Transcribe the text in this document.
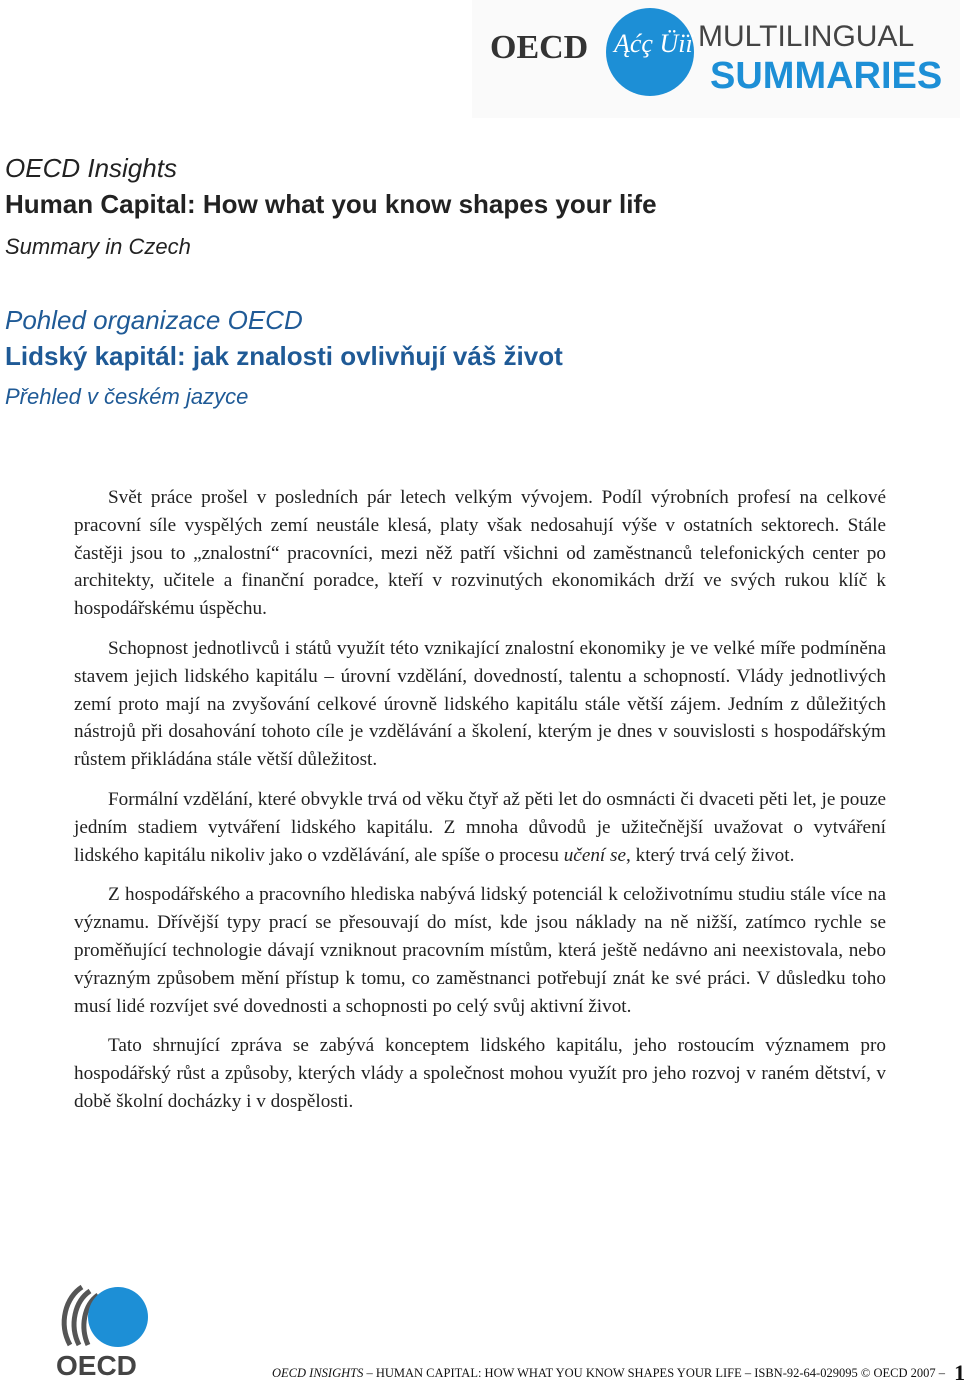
OECD Ąćç Üiï MULTILINGUAL
SUMMARIES
OECD Insights
Human Capital: How what you know shapes your life
Summary in Czech
Pohled organizace OECD
Lidský kapitál: jak znalosti ovlivňují váš život
Přehled v českém jazyce

Svět práce prošel v posledních pár letech velkým vývojem. Podíl výrobních profesí na celkové pracovní síle vyspělých zemí neustále klesá, platy však nedosahují výše v ostatních sektorech. Stále častěji jsou to „znalostní“ pracovníci, mezi něž patří všichni od zaměstnanců telefonických center po architekty, učitele a finanční poradce, kteří v rozvinutých ekonomikách drží ve svých rukou klíč k hospodářskému úspěchu.

Schopnost jednotlivců i států využít této vznikající znalostní ekonomiky je ve velké míře podmíněna stavem jejich lidského kapitálu – úrovní vzdělání, dovedností, talentu a schopností. Vlády jednotlivých zemí proto mají na zvyšování celkové úrovně lidského kapitálu stále větší zájem. Jedním z důležitých nástrojů při dosahování tohoto cíle je vzdělávání a školení, kterým je dnes v souvislosti s hospodářským růstem přikládána stále větší důležitost.

Formální vzdělání, které obvykle trvá od věku čtyř až pěti let do osmnácti či dvaceti pěti let, je pouze jedním stadiem vytváření lidského kapitálu. Z mnoha důvodů je užitečnější uvažovat o vytváření lidského kapitálu nikoliv jako o vzdělávání, ale spíše o procesu učení se, který trvá celý život.

Z hospodářského a pracovního hlediska nabývá lidský potenciál k celoživotnímu studiu stále více na významu. Dřívější typy prací se přesouvají do míst, kde jsou náklady na ně nižší, zatímco rychle se proměňující technologie dávají vzniknout pracovním místům, která ještě nedávno ani neexistovala, nebo výrazným způsobem mění přístup k tomu, co zaměstnanci potřebují znát ke své práci. V důsledku toho musí lidé rozvíjet své dovednosti a schopnosti po celý svůj aktivní život.

Tato shrnující zpráva se zabývá konceptem lidského kapitálu, jeho rostoucím významem pro hospodářský růst a způsoby, kterých vlády a společnost mohou využít pro jeho rozvoj v raném dětství, v době školní docházky i v dospělosti.

OECD	OECD INSIGHTS – HUMAN CAPITAL: HOW WHAT YOU KNOW SHAPES YOUR LIFE – ISBN-92-64-029095 © OECD 2007 – 1
